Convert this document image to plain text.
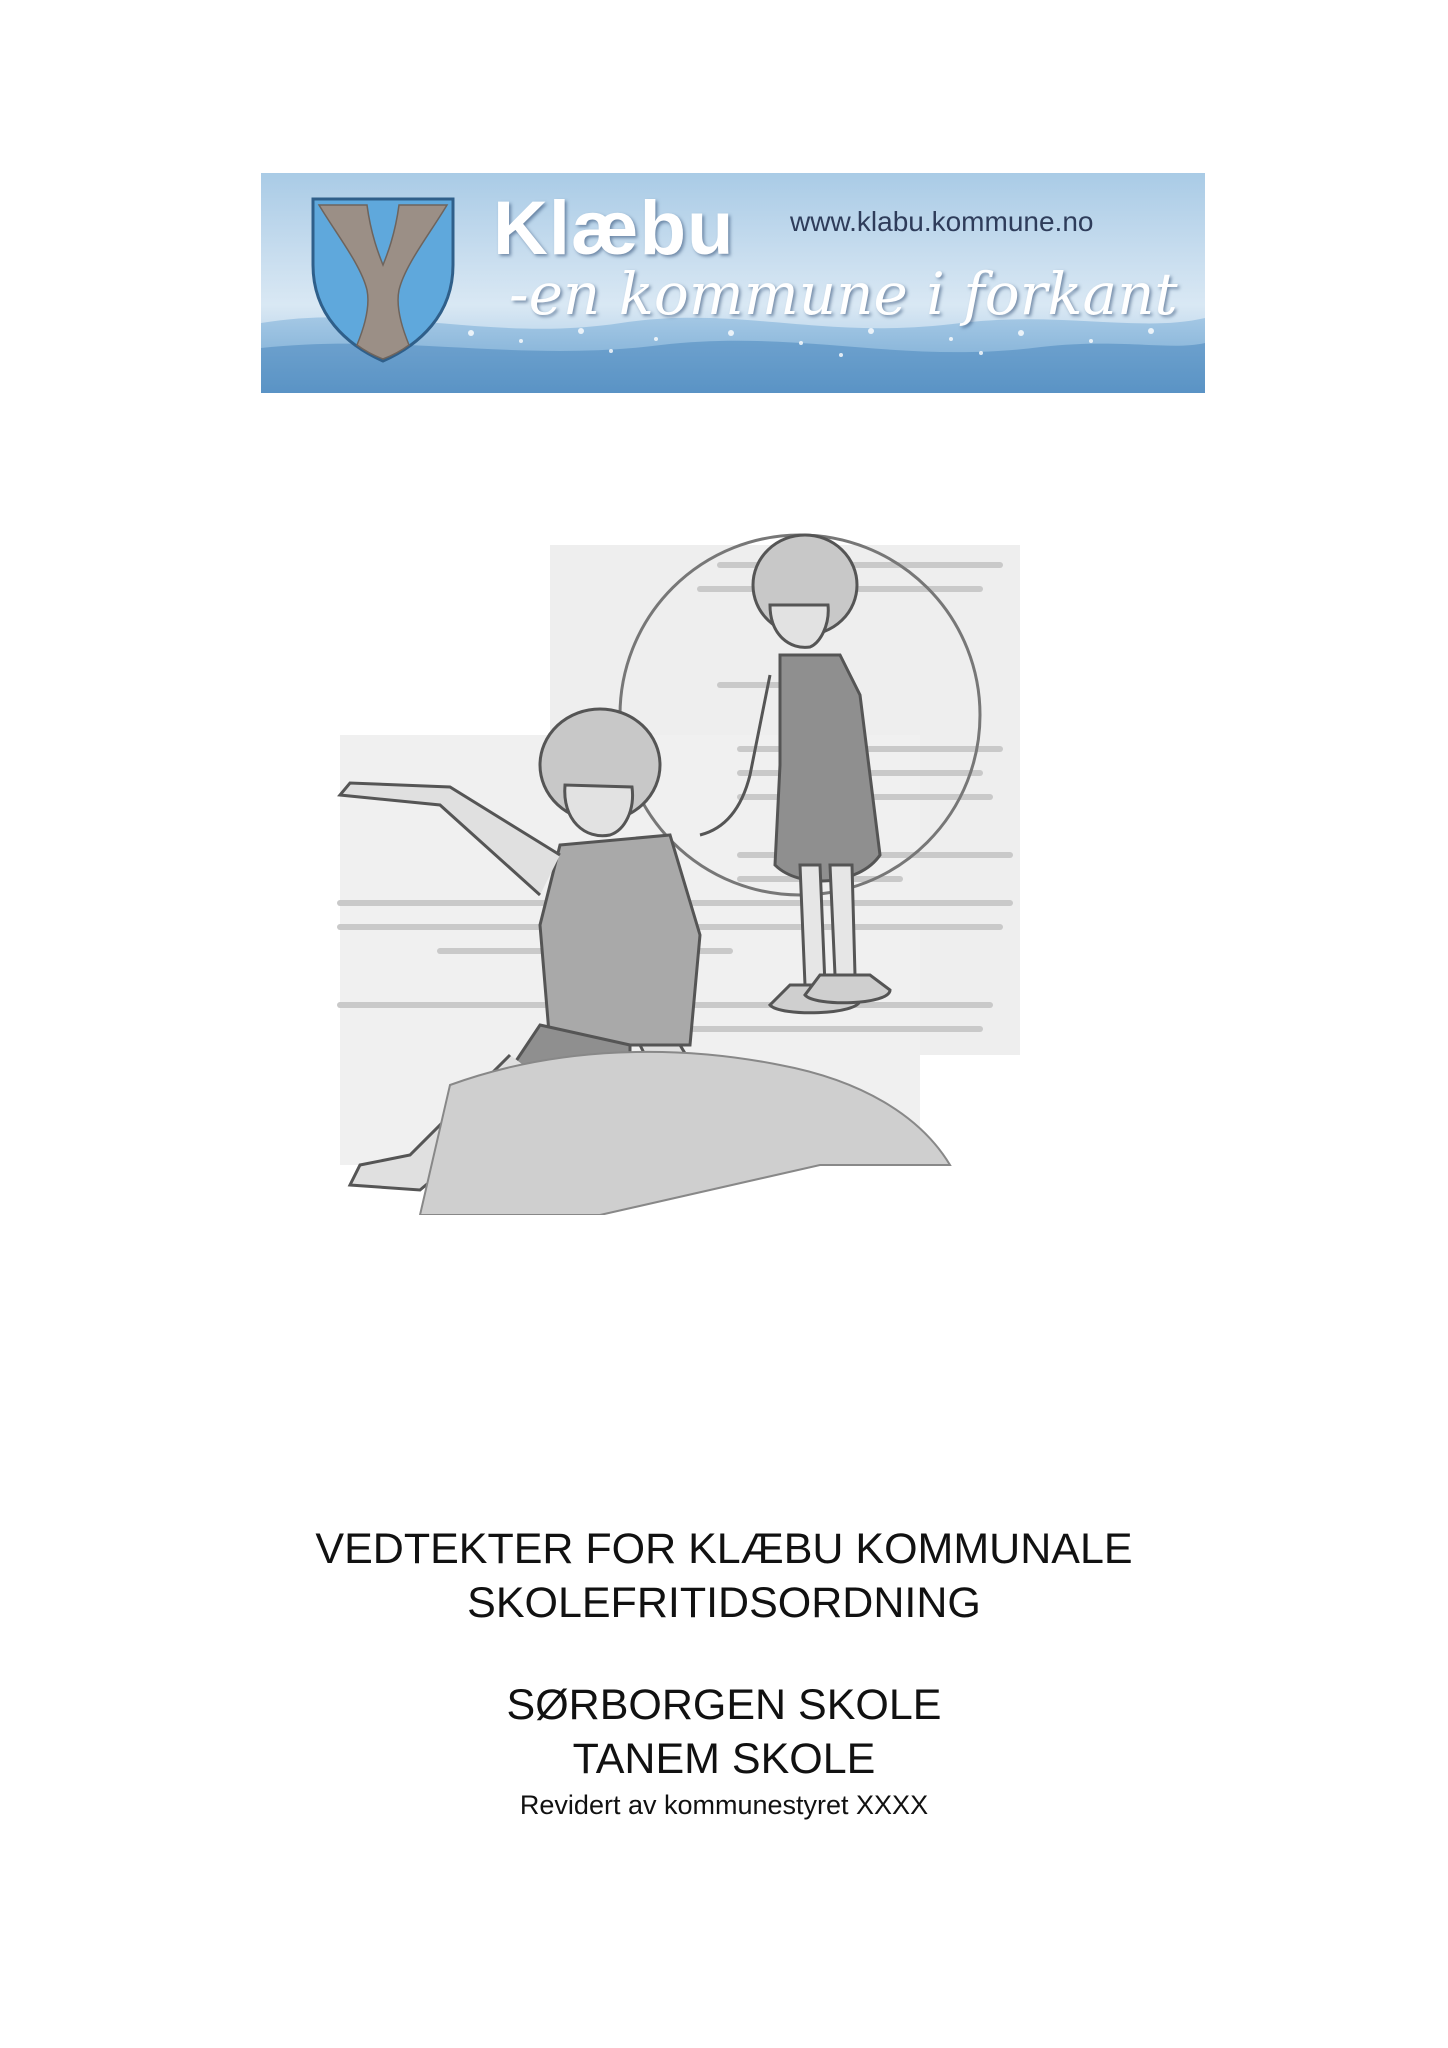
Klæbu www.klabu.kommune.no
-en kommune i forkant
VEDTEKTER FOR KLÆBU KOMMUNALE
SKOLEFRITIDSORDNING
SØRBORGEN SKOLE
TANEM SKOLE
Revidert av kommunestyret XXXX
